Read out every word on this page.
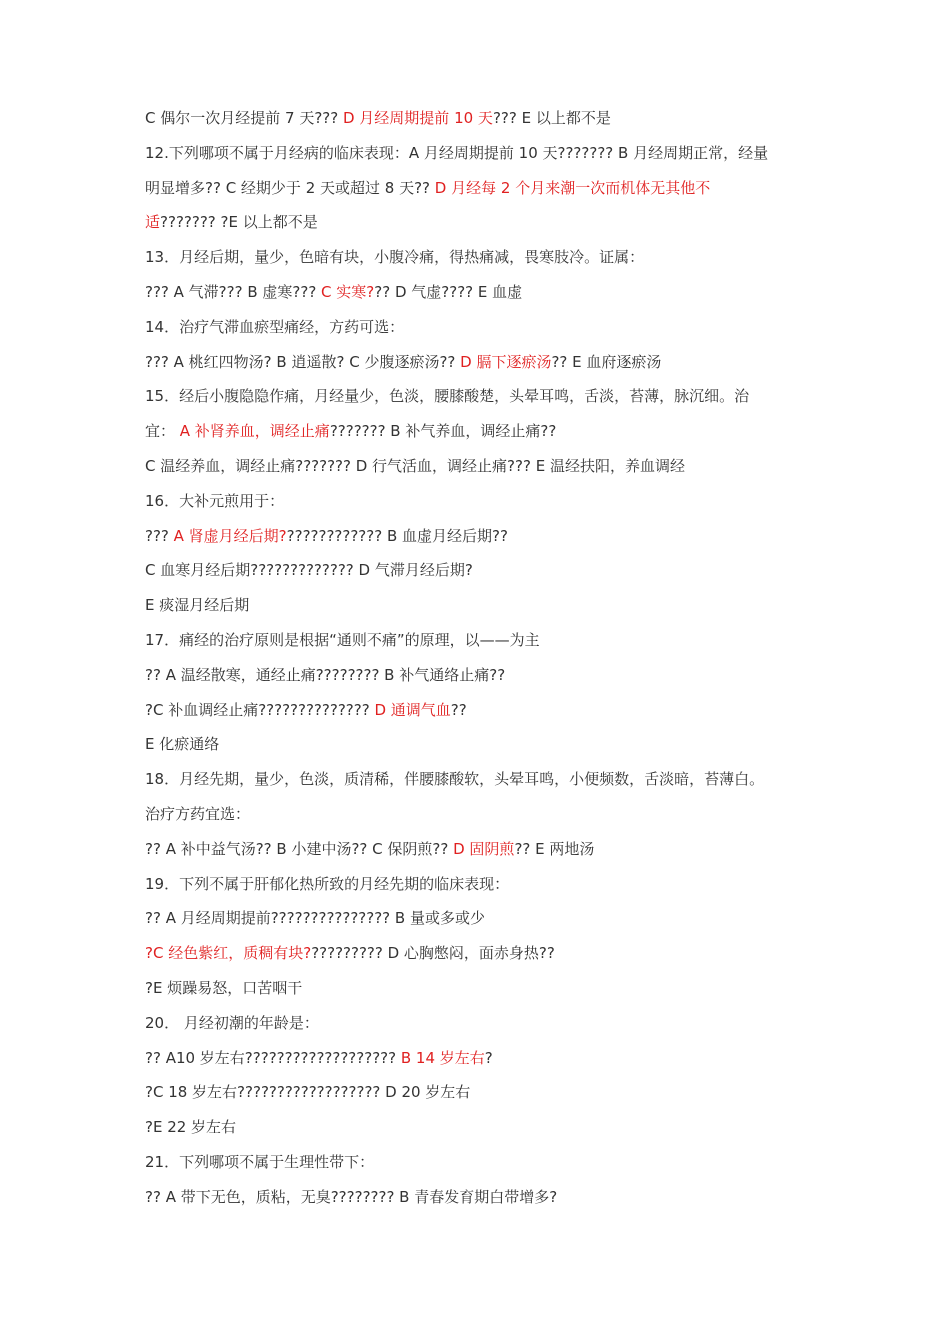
C 偶尔一次月经提前 7 天??? D 月经周期提前 10 天??? E 以上都不是
12.下列哪项不属于月经病的临床表现：A 月经周期提前 10 天??????? B 月经周期正常，经量
明显增多?? C 经期少于 2 天或超过 8 天?? D 月经每 2 个月来潮一次而机体无其他不
适??????? ?E 以上都不是
13．月经后期，量少，色暗有块，小腹冷痛，得热痛减，畏寒肢冷。证属：
??? A 气滞??? B 虚寒??? C 实寒??? D 气虚???? E 血虚
14．治疗气滞血瘀型痛经，方药可选：
??? A 桃红四物汤? B 逍遥散? C 少腹逐瘀汤?? D 膈下逐瘀汤?? E 血府逐瘀汤
15．经后小腹隐隐作痛，月经量少，色淡，腰膝酸楚，头晕耳鸣，舌淡，苔薄，脉沉细。治
宜： A 补肾养血，调经止痛??????? B 补气养血，调经止痛??
C 温经养血，调经止痛??????? D 行气活血，调经止痛??? E 温经扶阳，养血调经
16．大补元煎用于：
??? A 肾虚月经后期????????????? B 血虚月经后期??
C 血寒月经后期????????????? D 气滞月经后期?
E 痰湿月经后期
17．痛经的治疗原则是根据“通则不痛”的原理，以——为主
?? A 温经散寒，通经止痛???????? B 补气通络止痛??
?C 补血调经止痛?????????????? D 通调气血??
E 化瘀通络
18．月经先期，量少，色淡，质清稀，伴腰膝酸软，头晕耳鸣，小便频数，舌淡暗，苔薄白。
治疗方药宜选：
?? A 补中益气汤?? B 小建中汤?? C 保阴煎?? D 固阴煎?? E 两地汤
19．下列不属于肝郁化热所致的月经先期的临床表现：
?? A 月经周期提前??????????????? B 量或多或少
?C 经色紫红，质稠有块?????????? D 心胸憋闷，面赤身热??
?E 烦躁易怒，口苦咽干
20． 月经初潮的年龄是：
?? A10 岁左右??????????????????? B 14 岁左右?
?C 18 岁左右?????????????????? D 20 岁左右
?E 22 岁左右
21．下列哪项不属于生理性带下：
?? A 带下无色，质粘，无臭???????? B 青春发育期白带增多?
